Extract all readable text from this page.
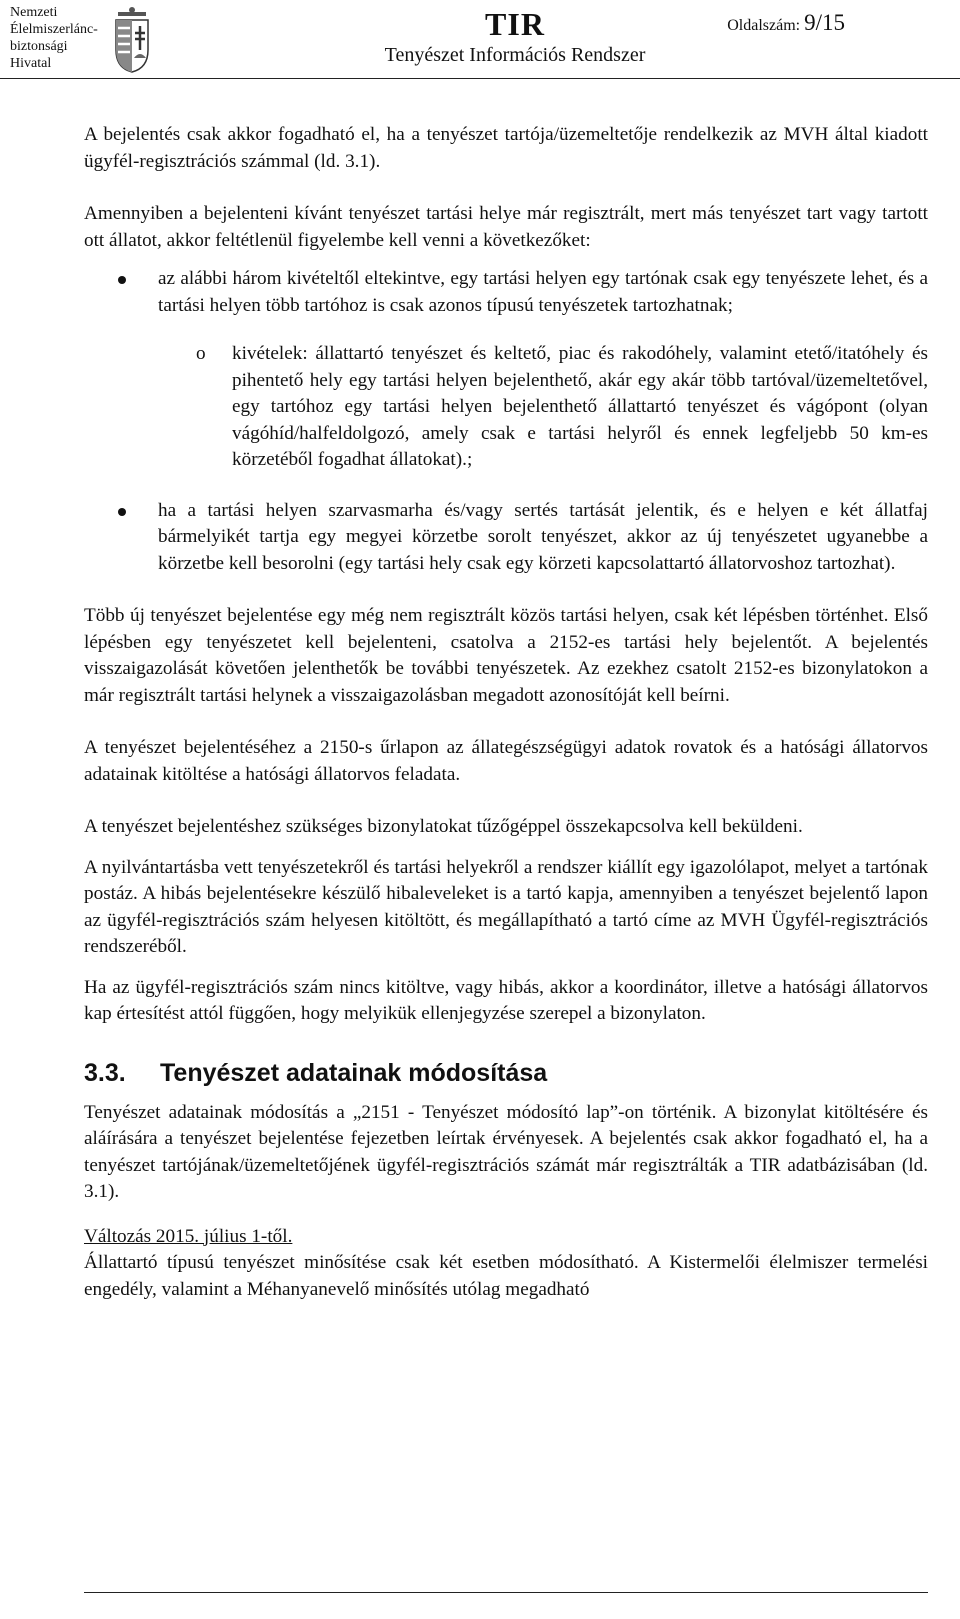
Nemzeti
Élelmiszerlánc-
biztonsági
Hivatal
TIR
Tenyészet Információs Rendszer
Oldalszám: 9/15

A bejelentés csak akkor fogadható el, ha a tenyészet tartója/üzemeltetője rendelkezik az MVH által kiadott ügyfél-regisztrációs számmal (ld. 3.1).

Amennyiben a bejelenteni kívánt tenyészet tartási helye már regisztrált, mert más tenyészet tart vagy tartott ott állatot, akkor feltétlenül figyelembe kell venni a következőket:

az alábbi három kivételtől eltekintve, egy tartási helyen egy tartónak csak egy tenyészete lehet, és a tartási helyen több tartóhoz is csak azonos típusú tenyészetek tartozhatnak;
o kivételek: állattartó tenyészet és keltető, piac és rakodóhely, valamint etető/itatóhely és pihentető hely egy tartási helyen bejelenthető, akár egy akár több tartóval/üzemeltetővel, egy tartóhoz egy tartási helyen bejelenthető állattartó tenyészet és vágópont (olyan vágóhíd/halfeldolgozó, amely csak e tartási helyről és ennek legfeljebb 50 km-es körzetéből fogadhat állatokat).;
ha a tartási helyen szarvasmarha és/vagy sertés tartását jelentik, és e helyen e két állatfaj bármelyikét tartja egy megyei körzetbe sorolt tenyészet, akkor az új tenyészetet ugyanebbe a körzetbe kell besorolni (egy tartási hely csak egy körzeti kapcsolattartó állatorvoshoz tartozhat).

Több új tenyészet bejelentése egy még nem regisztrált közös tartási helyen, csak két lépésben történhet. Első lépésben egy tenyészetet kell bejelenteni, csatolva a 2152-es tartási hely bejelentőt. A bejelentés visszaigazolását követően jelenthetők be további tenyészetek. Az ezekhez csatolt 2152-es bizonylatokon a már regisztrált tartási helynek a visszaigazolásban megadott azonosítóját kell beírni.

A tenyészet bejelentéséhez a 2150-s űrlapon az állategészségügyi adatok rovatok és a hatósági állatorvos adatainak kitöltése a hatósági állatorvos feladata.

A tenyészet bejelentéshez szükséges bizonylatokat tűzőgéppel összekapcsolva kell beküldeni.

A nyilvántartásba vett tenyészetekről és tartási helyekről a rendszer kiállít egy igazolólapot, melyet a tartónak postáz. A hibás bejelentésekre készülő hibaleveleket is a tartó kapja, amennyiben a tenyészet bejelentő lapon az ügyfél-regisztrációs szám helyesen kitöltött, és megállapítható a tartó címe az MVH Ügyfél-regisztrációs rendszeréből.

Ha az ügyfél-regisztrációs szám nincs kitöltve, vagy hibás, akkor a koordinátor, illetve a hatósági állatorvos kap értesítést attól függően, hogy melyikük ellenjegyzése szerepel a bizonylaton.

3.3. Tenyészet adatainak módosítása

Tenyészet adatainak módosítás a „2151 - Tenyészet módosító lap”-on történik. A bizonylat kitöltésére és aláírására a tenyészet bejelentése fejezetben leírtak érvényesek. A bejelentés csak akkor fogadható el, ha a tenyészet tartójának/üzemeltetőjének ügyfél-regisztrációs számát már regisztrálták a TIR adatbázisában (ld. 3.1).

Változás 2015. július 1-től.
Állattartó típusú tenyészet minősítése csak két esetben módosítható. A Kistermelői élelmiszer termelési engedély, valamint a Méhanyanevelő minősítés utólag megadható
